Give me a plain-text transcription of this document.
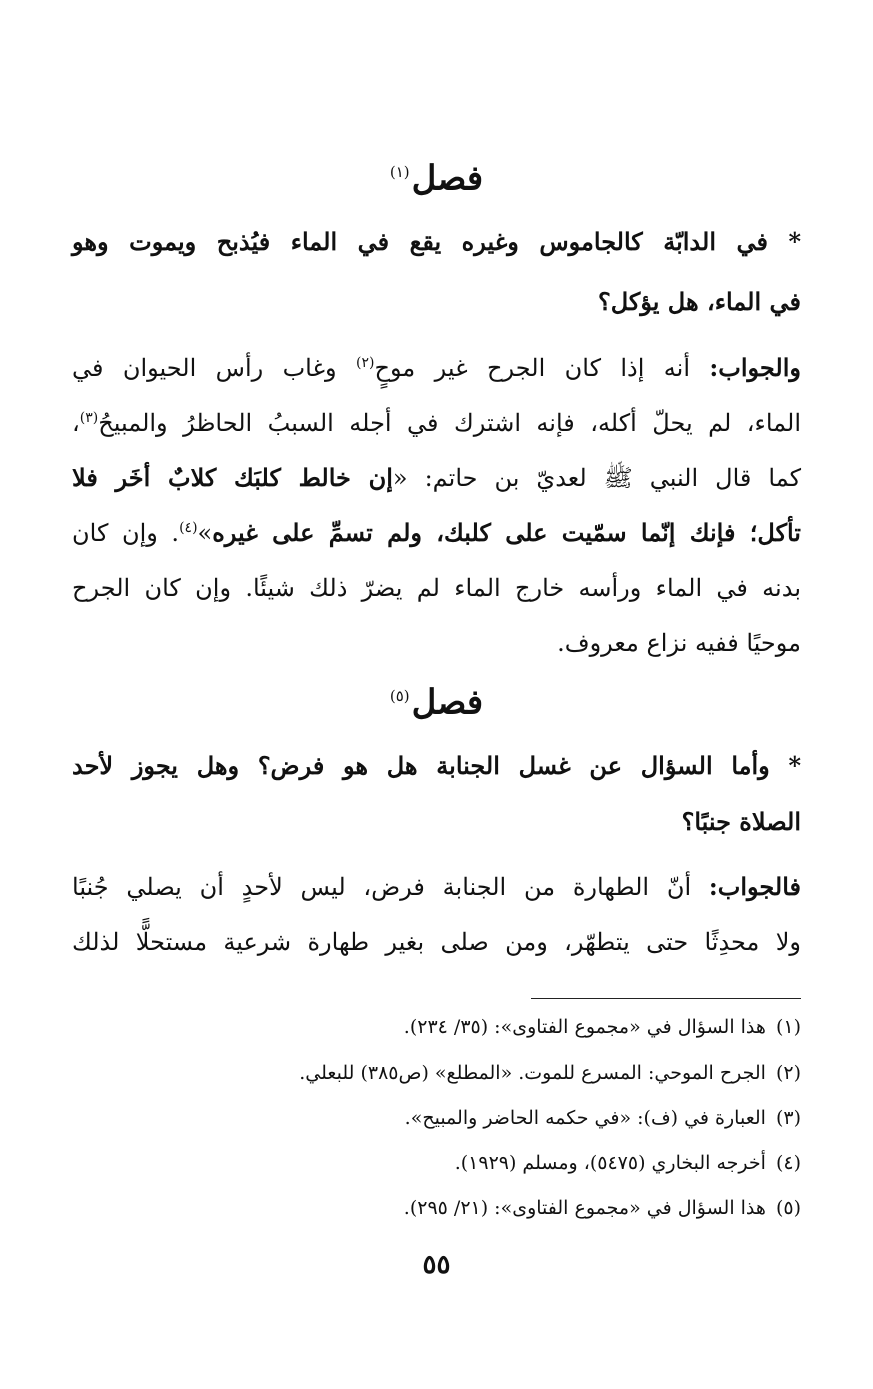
فصل$^{(١)}$
* في الدابّة كالجاموس وغيره يقع في الماء فيُذبح ويموت وهو
في الماء، هل يؤكل؟
والجواب: أنه إذا كان الجرح غير موحٍ$^{(٢)}$ وغاب رأس الحيوان في
الماء، لم يحلّ أكله، فإنه اشترك في أجله السببُ الحاظرُ والمبيحُ$^{(٣)}$،
كما قال النبي ﷺ لعديّ بن حاتم: «إن خالط كلبَك كلابٌ أخَر فلا
تأكل؛ فإنك إنّما سمّيت على كلبك، ولم تسمِّ على غيره»$^{(٤)}$. وإن كان
بدنه في الماء ورأسه خارج الماء لم يضرّ ذلك شيئًا. وإن كان الجرح
موحيًا ففيه نزاع معروف.
فصل$^{(٥)}$
* وأما السؤال عن غسل الجنابة هل هو فرض؟ وهل يجوز لأحد
الصلاة جنبًا؟
فالجواب: أنّ الطهارة من الجنابة فرض، ليس لأحدٍ أن يصلي جُنبًا
ولا محدِثًا حتى يتطهّر، ومن صلى بغير طهارة شرعية مستحلًّا لذلك
(١)هذا السؤال في «مجموع الفتاوى»: (٣٥/ ٢٣٤).
(٢)الجرح الموحي: المسرع للموت. «المطلع» (ص٣٨٥) للبعلي.
(٣)العبارة في (ف): «في حكمه الحاضر والمبيح».
(٤)أخرجه البخاري (٥٤٧٥)، ومسلم (١٩٢٩).
(٥)هذا السؤال في «مجموع الفتاوى»: (٢١/ ٢٩٥).
٥٥
